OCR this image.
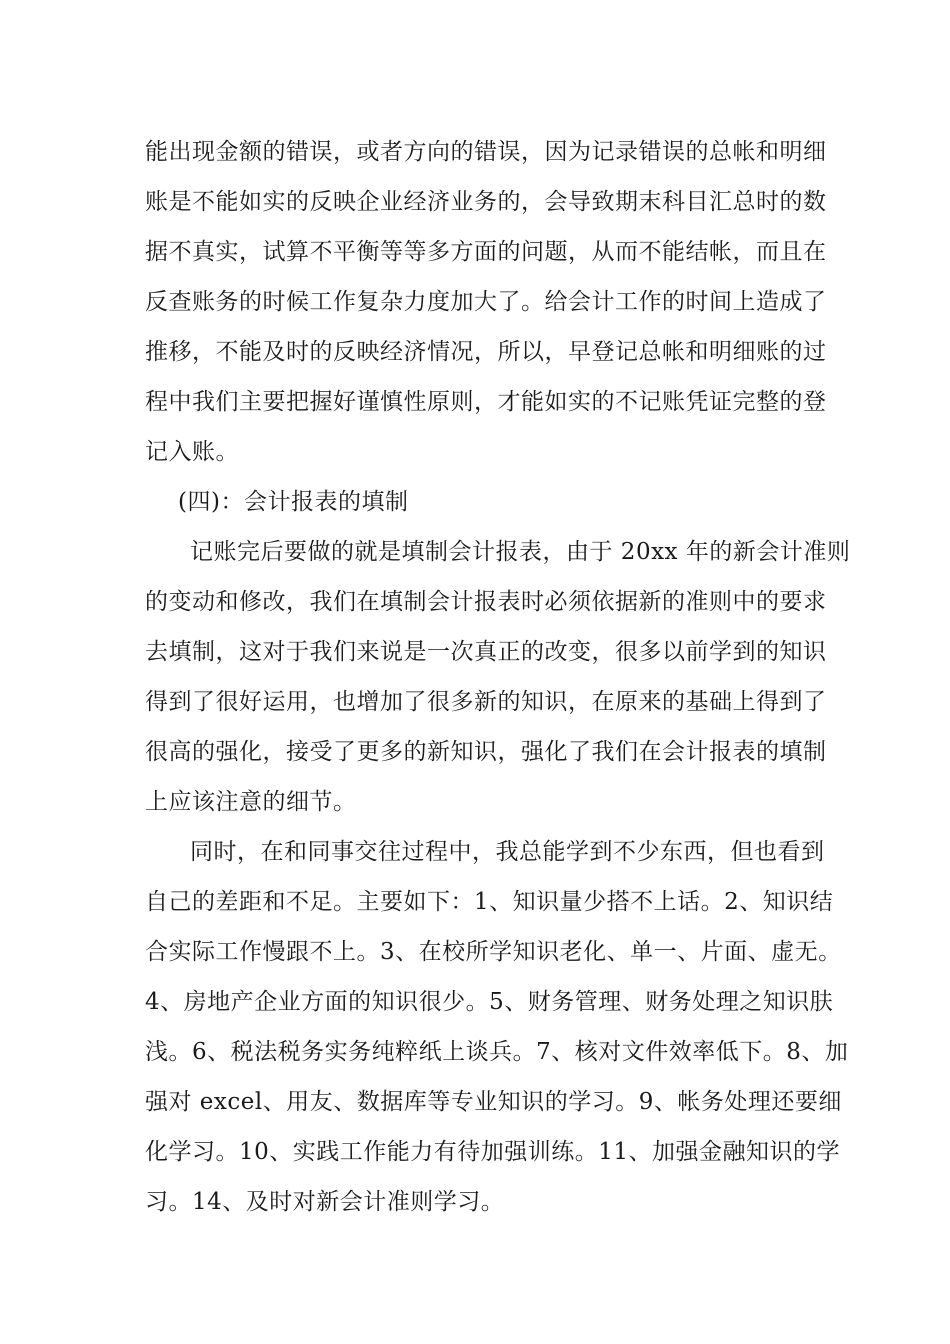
能出现金额的错误，或者方向的错误，因为记录错误的总帐和明细
账是不能如实的反映企业经济业务的，会导致期末科目汇总时的数
据不真实，试算不平衡等等多方面的问题，从而不能结帐，而且在
反查账务的时候工作复杂力度加大了。给会计工作的时间上造成了
推移，不能及时的反映经济情况，所以，早登记总帐和明细账的过
程中我们主要把握好谨慎性原则，才能如实的不记账凭证完整的登
记入账。
(四)：会计报表的填制
记账完后要做的就是填制会计报表，由于 20xx 年的新会计准则
的变动和修改，我们在填制会计报表时必须依据新的准则中的要求
去填制，这对于我们来说是一次真正的改变，很多以前学到的知识
得到了很好运用，也增加了很多新的知识，在原来的基础上得到了
很高的强化，接受了更多的新知识，强化了我们在会计报表的填制
上应该注意的细节。
同时，在和同事交往过程中，我总能学到不少东西，但也看到
自己的差距和不足。主要如下：1、知识量少搭不上话。2、知识结
合实际工作慢跟不上。3、在校所学知识老化、单一、片面、虚无。
4、房地产企业方面的知识很少。5、财务管理、财务处理之知识肤
浅。6、税法税务实务纯粹纸上谈兵。7、核对文件效率低下。8、加
强对 excel、用友、数据库等专业知识的学习。9、帐务处理还要细
化学习。10、实践工作能力有待加强训练。11、加强金融知识的学
习。14、及时对新会计准则学习。
